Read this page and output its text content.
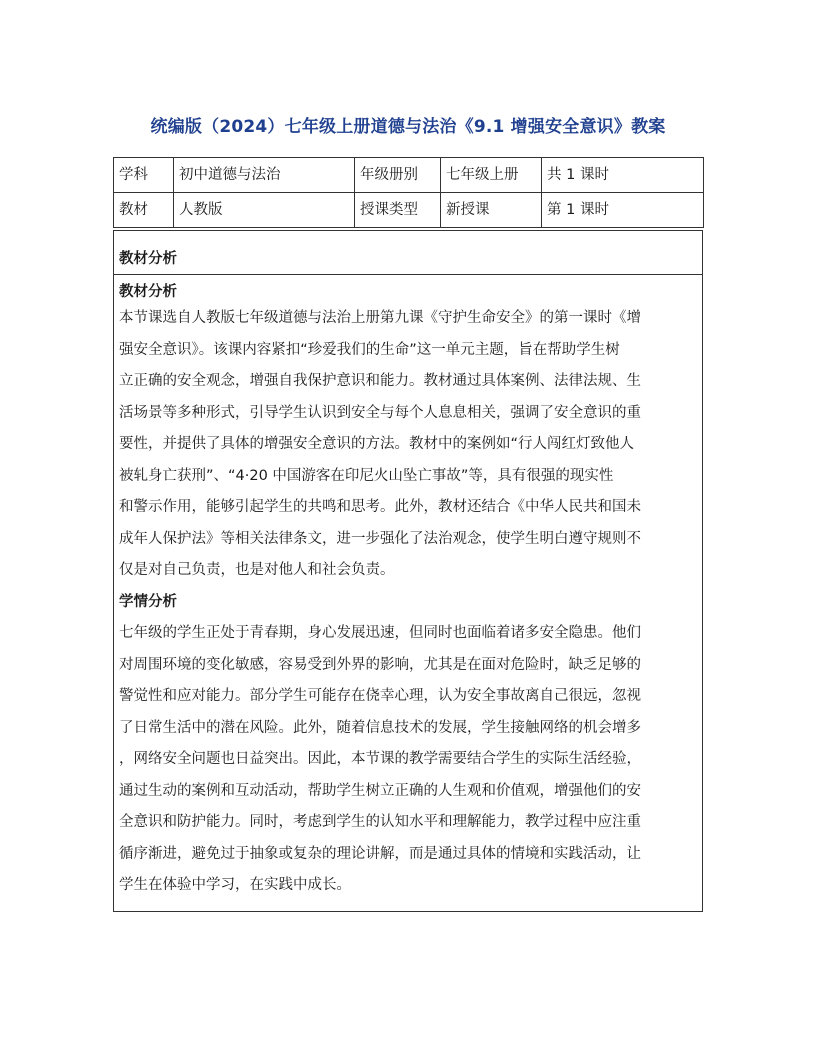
统编版（2024）七年级上册道德与法治《9.1 增强安全意识》教案
学科	初中道德与法治	年级册别	七年级上册	共 1 课时
教材	人教版	授课类型	新授课	第 1 课时
教材分析
教材分析
本节课选自人教版七年级道德与法治上册第九课《守护生命安全》的第一课时《增
强安全意识》。该课内容紧扣“珍爱我们的生命”这一单元主题，旨在帮助学生树
立正确的安全观念，增强自我保护意识和能力。教材通过具体案例、法律法规、生
活场景等多种形式，引导学生认识到安全与每个人息息相关，强调了安全意识的重
要性，并提供了具体的增强安全意识的方法。教材中的案例如“行人闯红灯致他人
被轧身亡获刑”、“4·20 中国游客在印尼火山坠亡事故”等，具有很强的现实性
和警示作用，能够引起学生的共鸣和思考。此外，教材还结合《中华人民共和国未
成年人保护法》等相关法律条文，进一步强化了法治观念，使学生明白遵守规则不
仅是对自己负责，也是对他人和社会负责。
学情分析
七年级的学生正处于青春期，身心发展迅速，但同时也面临着诸多安全隐患。他们
对周围环境的变化敏感，容易受到外界的影响，尤其是在面对危险时，缺乏足够的
警觉性和应对能力。部分学生可能存在侥幸心理，认为安全事故离自己很远，忽视
了日常生活中的潜在风险。此外，随着信息技术的发展，学生接触网络的机会增多
，网络安全问题也日益突出。因此，本节课的教学需要结合学生的实际生活经验，
通过生动的案例和互动活动，帮助学生树立正确的人生观和价值观，增强他们的安
全意识和防护能力。同时，考虑到学生的认知水平和理解能力，教学过程中应注重
循序渐进，避免过于抽象或复杂的理论讲解，而是通过具体的情境和实践活动，让
学生在体验中学习，在实践中成长。
